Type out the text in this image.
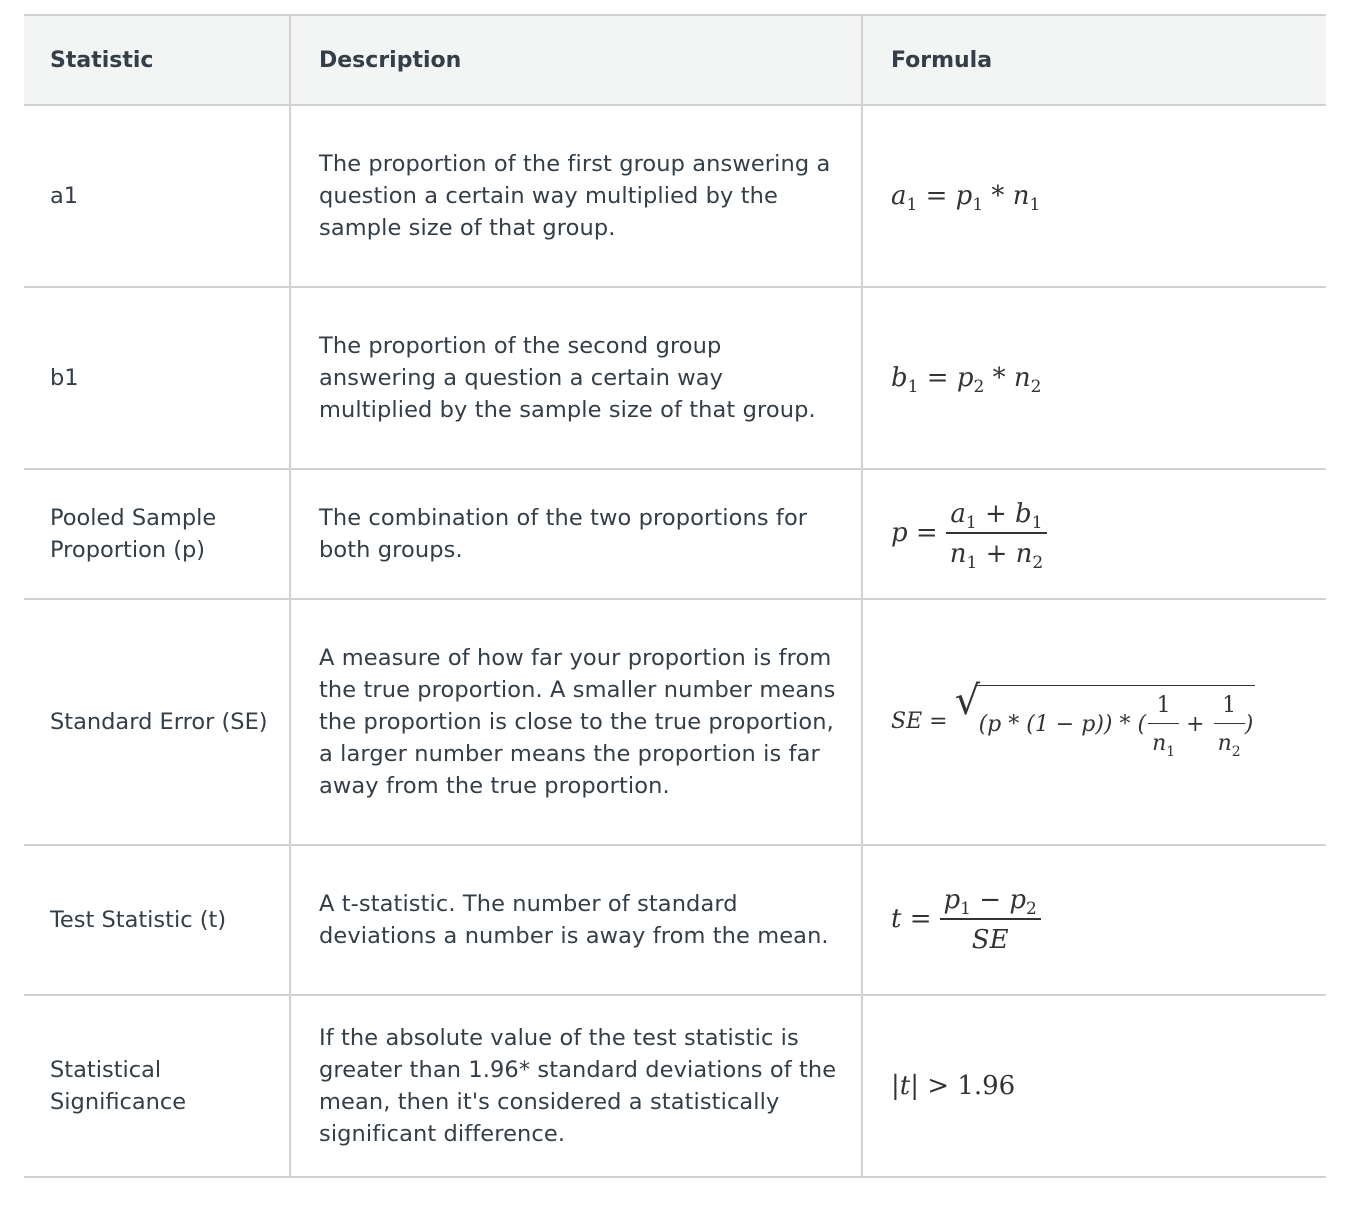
Statistic	Description	Formula
a1	The proportion of the first group answering a question a certain way multiplied by the sample size of that group.	$a_1 = p_1 * n_1$
b1	The proportion of the second group answering a question a certain way multiplied by the sample size of that group.	$b_1 = p_2 * n_2$
Pooled Sample Proportion (p)	The combination of the two proportions for both groups.	$p = \frac{a_1 + b_1}{n_1 + n_2}$

Standard Error (SE)	A measure of how far your proportion is from the true proportion. A smaller number means the proportion is close to the true proportion, a larger number means the proportion is far away from the true proportion.	SE = √
(p * (1 − p)) * ( $\frac{1}{n_1} + \frac{1}{n_2}$ )
Test Statistic (t)	A t-statistic. The number of standard deviations a number is away from the mean.	$t = \frac{p_1 - p_2}{SE}$

Statistical Significance	If the absolute value of the test statistic is greater than 1.96* standard deviations of the mean, then it's considered a statistically significant difference.	|t| > 1.96
